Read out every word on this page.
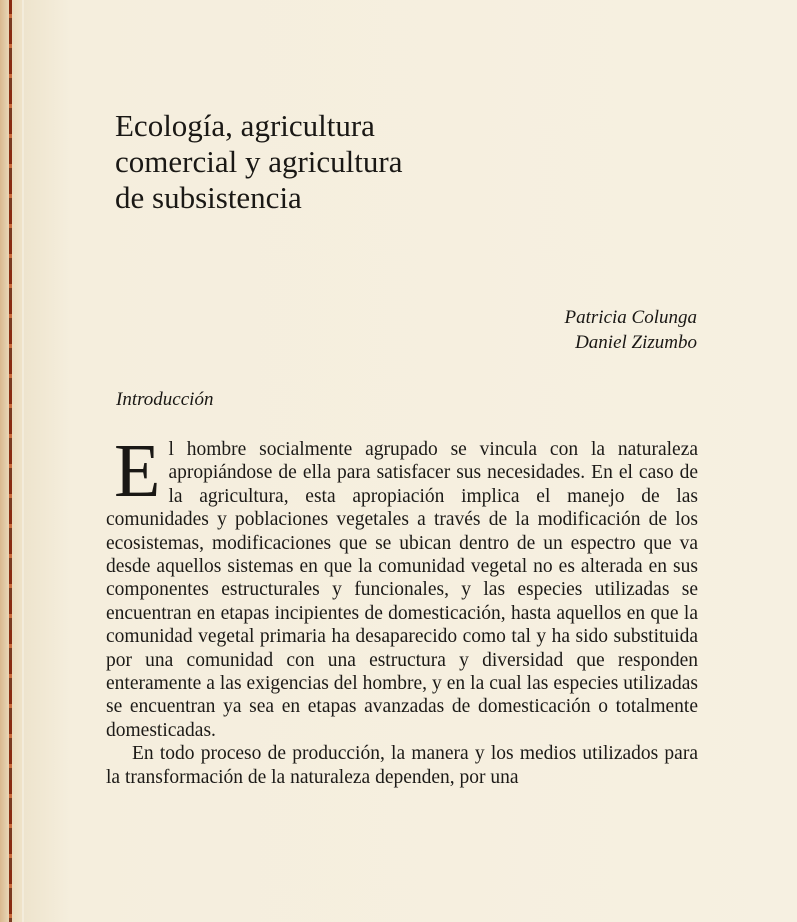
Ecología, agricultura
comercial y agricultura
de subsistencia
Patricia Colunga
Daniel Zizumbo
Introducción

El hombre socialmente agrupado se vincula con la naturaleza apropiándose de ella para satisfacer sus necesidades. En el caso de la agricultura, esta apropiación implica el manejo de las comunidades y poblaciones vegetales a través de la modificación de los ecosistemas, modificaciones que se ubican dentro de un espectro que va desde aquellos sistemas en que la comunidad vegetal no es alterada en sus componentes estructurales y funcionales, y las especies utilizadas se encuentran en etapas incipientes de domesticación, hasta aquellos en que la comunidad vegetal primaria ha desaparecido como tal y ha sido substituida por una comunidad con una estructura y diversidad que responden enteramente a las exigencias del hombre, y en la cual las especies utilizadas se encuentran ya sea en etapas avanzadas de domesticación o totalmente domesticadas.

En todo proceso de producción, la manera y los medios utilizados para la transformación de la naturaleza dependen, por una
